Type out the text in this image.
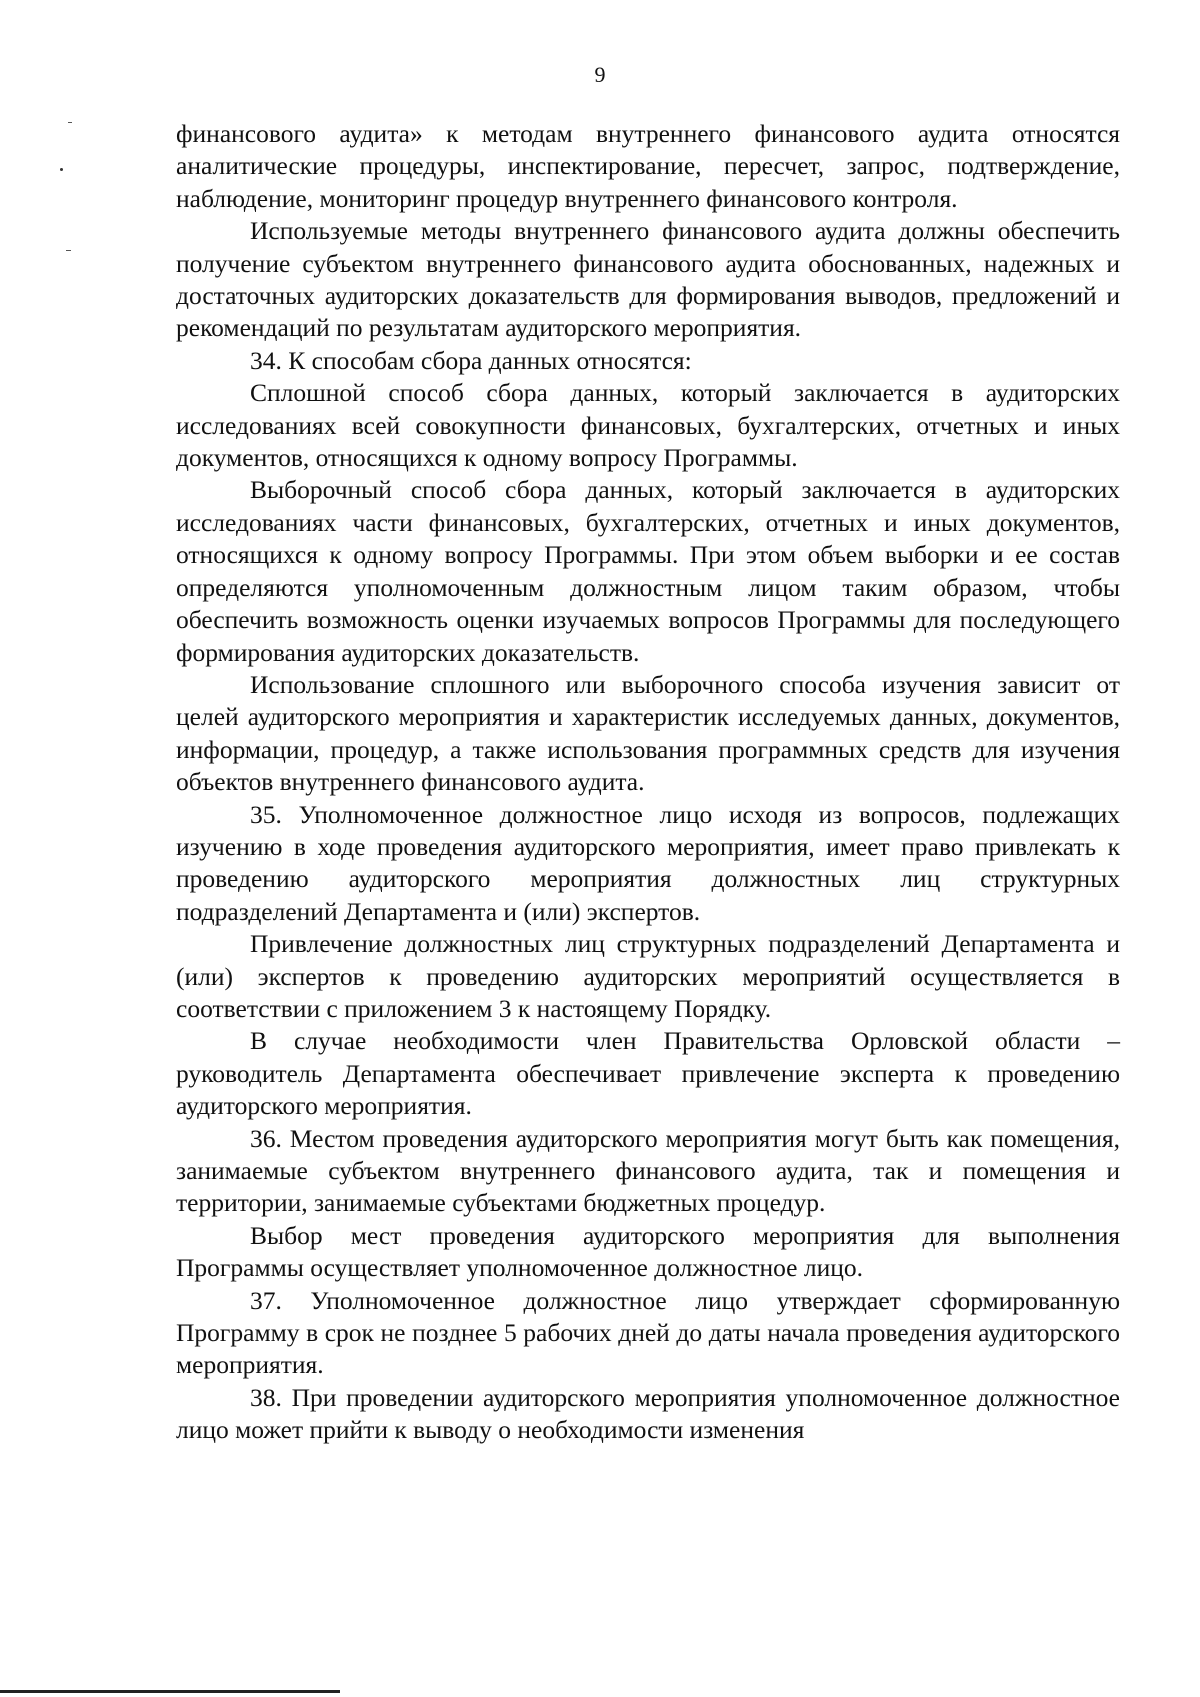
9

финансового аудита» к методам внутреннего финансового аудита относятся аналитические процедуры, инспектирование, пересчет, запрос, подтверждение, наблюдение, мониторинг процедур внутреннего финансового контроля.

Используемые методы внутреннего финансового аудита должны обеспечить получение субъектом внутреннего финансового аудита обоснованных, надежных и достаточных аудиторских доказательств для формирования выводов, предложений и рекомендаций по результатам аудиторского мероприятия.

34. К способам сбора данных относятся:

Сплошной способ сбора данных, который заключается в аудиторских исследованиях всей совокупности финансовых, бухгалтерских, отчетных и иных документов, относящихся к одному вопросу Программы.

Выборочный способ сбора данных, который заключается в аудиторских исследованиях части финансовых, бухгалтерских, отчетных и иных документов, относящихся к одному вопросу Программы. При этом объем выборки и ее состав определяются уполномоченным должностным лицом таким образом, чтобы обеспечить возможность оценки изучаемых вопросов Программы для последующего формирования аудиторских доказательств.

Использование сплошного или выборочного способа изучения зависит от целей аудиторского мероприятия и характеристик исследуемых данных, документов, информации, процедур, а также использования программных средств для изучения объектов внутреннего финансового аудита.

35. Уполномоченное должностное лицо исходя из вопросов, подлежащих изучению в ходе проведения аудиторского мероприятия, имеет право привлекать к проведению аудиторского мероприятия должностных лиц структурных подразделений Департамента и (или) экспертов.

Привлечение должностных лиц структурных подразделений Департамента и (или) экспертов к проведению аудиторских мероприятий осуществляется в соответствии с приложением 3 к настоящему Порядку.

В случае необходимости член Правительства Орловской области – руководитель Департамента обеспечивает привлечение эксперта к проведению аудиторского мероприятия.

36. Местом проведения аудиторского мероприятия могут быть как помещения, занимаемые субъектом внутреннего финансового аудита, так и помещения и территории, занимаемые субъектами бюджетных процедур.

Выбор мест проведения аудиторского мероприятия для выполнения Программы осуществляет уполномоченное должностное лицо.

37. Уполномоченное должностное лицо утверждает сформированную Программу в срок не позднее 5 рабочих дней до даты начала проведения аудиторского мероприятия.

38. При проведении аудиторского мероприятия уполномоченное должностное лицо может прийти к выводу о необходимости изменения
